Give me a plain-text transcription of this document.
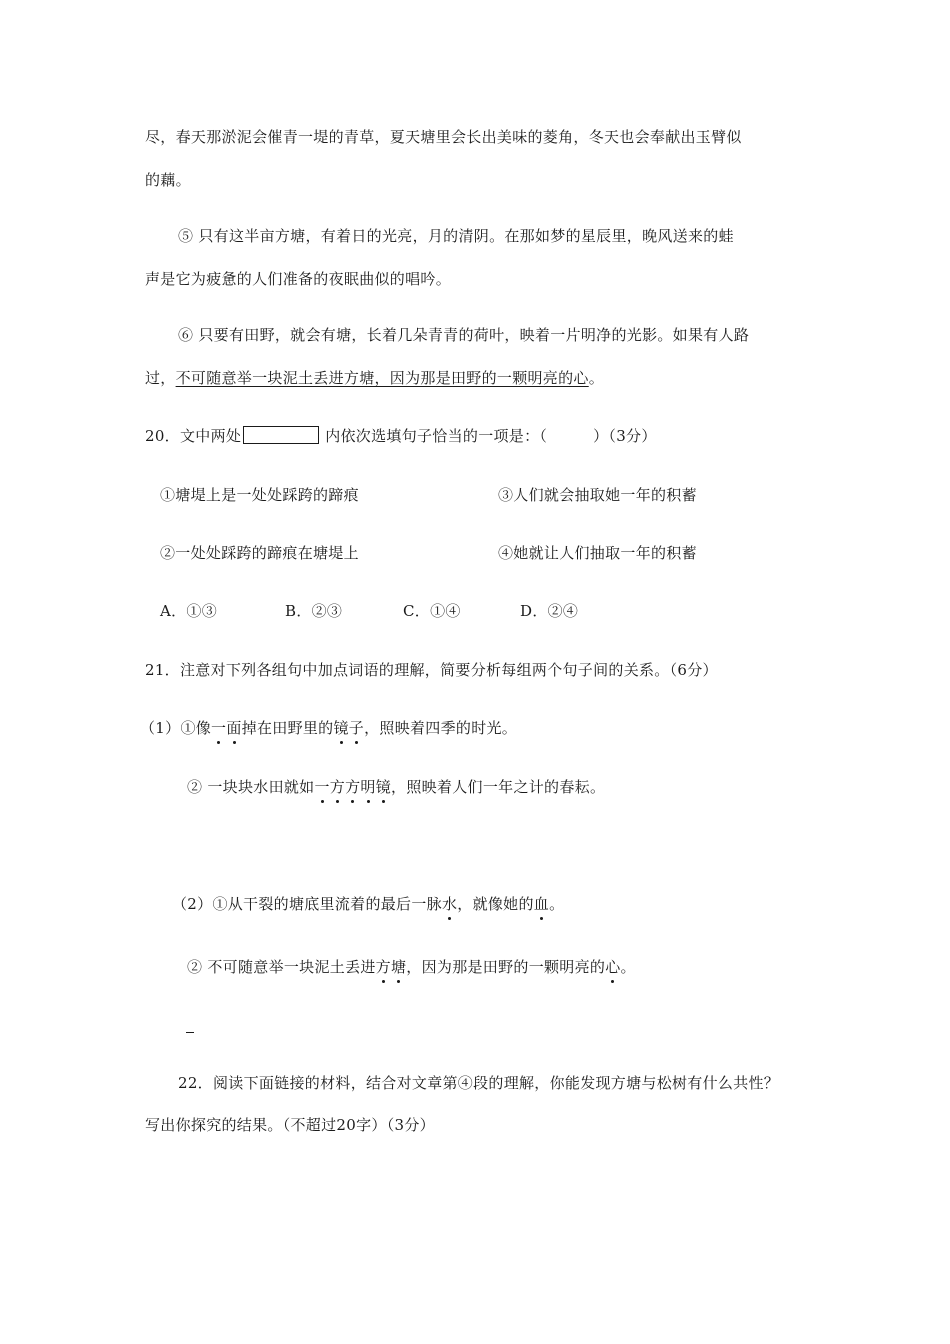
尽，春天那淤泥会催青一堤的青草，夏天塘里会长出美味的菱角，冬天也会奉献出玉臂似
的藕。
⑤ 只有这半亩方塘，有着日的光亮，月的清阴。在那如梦的星辰里，晚风送来的蛙
声是它为疲惫的人们准备的夜眠曲似的唱吟。
⑥ 只要有田野，就会有塘，长着几朵青青的荷叶，映着一片明净的光影。如果有人路
过，不可随意举一块泥土丢进方塘，因为那是田野的一颗明亮的心。
20．文中两处	内依次选填句子恰当的一项是：（　　　）（3分）
①塘堤上是一处处踩跨的蹄痕	③人们就会抽取她一年的积蓄
②一处处踩跨的蹄痕在塘堤上	④她就让人们抽取一年的积蓄
A．①③	B．②③	C．①④	D．②④
21．注意对下列各组句中加点词语的理解，简要分析每组两个句子间的关系。（6分）
（1）①像一面掉在田野里的镜子，照映着四季的时光。
② 一块块水田就如一方方明镜，照映着人们一年之计的春耘。
（2）①从干裂的塘底里流着的最后一脉水，就像她的血。
② 不可随意举一块泥土丢进方塘，因为那是田野的一颗明亮的心。
22．阅读下面链接的材料，结合对文章第④段的理解，你能发现方塘与松树有什么共性？
写出你探究的结果。（不超过20字）（3分）
